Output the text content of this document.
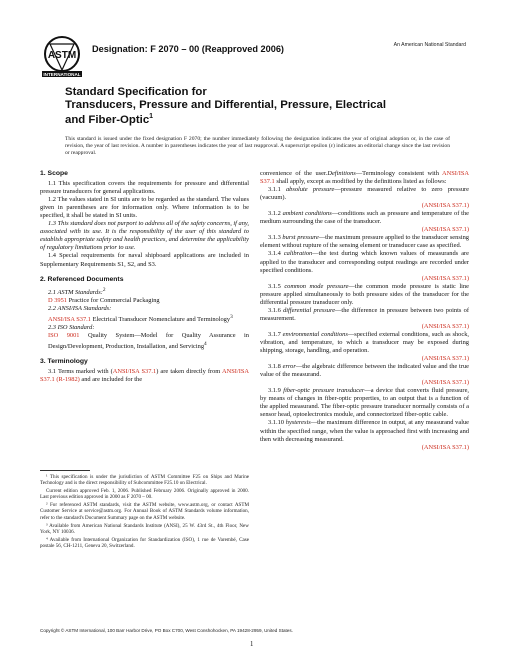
ASTM
INTERNATIONAL
Designation: F 2070 – 00 (Reapproved 2006)	An American National Standard
Standard Specification for
Transducers, Pressure and Differential, Pressure, Electrical
and Fiber-Optic$^1$
This standard is issued under the fixed designation F 2070; the number immediately following the designation indicates the year of original adoption or, in the case of revision, the year of last revision. A number in parentheses indicates the year of last reapproval. A superscript epsilon (ε) indicates an editorial change since the last revision or reapproval.
1. Scope

1.1 This specification covers the requirements for pressure and differential pressure transducers for general applications.

1.2 The values stated in SI units are to be regarded as the standard. The values given in parentheses are for information only. Where information is to be specified, it shall be stated in SI units.

1.3 This standard does not purport to address all of the safety concerns, if any, associated with its use. It is the responsibility of the user of this standard to establish appropriate safety and health practices, and determine the applicability of regulatory limitations prior to use.

1.4 Special requirements for naval shipboard applications are included in Supplementary Requirements S1, S2, and S3.

2. Referenced Documents

2.1 ASTM Standards:$^2$

D 3951 Practice for Commercial Packaging

2.2 ANSI/ISA Standards:

ANSI/ISA S37.1 Electrical Transducer Nomenclature and Terminology$^3$

2.3 ISO Standard:

ISO 9001 Quality System—Model for Quality Assurance in Design/Development, Production, Installation, and Servicing$^4$

3. Terminology

3.1 Terms marked with (ANSI/ISA S37.1) are taken directly from ANSI/ISA S37.1 (R-1982) and are included for the

convenience of the user.Definitions—Terminology consistent with ANSI/ISA S37.1 shall apply, except as modified by the definitions listed as follows:

3.1.1 absolute pressure—pressure measured relative to zero pressure (vacuum).
(ANSI/ISA S37.1)

3.1.2 ambient conditions—conditions such as pressure and temperature of the medium surrounding the case of the transducer.
(ANSI/ISA S37.1)

3.1.3 burst pressure—the maximum pressure applied to the transducer sensing element without rupture of the sensing element or transducer case as specified.

3.1.4 calibration—the test during which known values of measurands are applied to the transducer and corresponding output readings are recorded under specified conditions.
(ANSI/ISA S37.1)

3.1.5 common mode pressure—the common mode pressure is static line pressure applied simultaneously to both pressure sides of the transducer for the differential pressure transducer only.

3.1.6 differential pressure—the difference in pressure between two points of measurement.
(ANSI/ISA S37.1)

3.1.7 environmental conditions—specified external conditions, such as shock, vibration, and temperature, to which a transducer may be exposed during shipping, storage, handling, and operation.
(ANSI/ISA S37.1)

3.1.8 error—the algebraic difference between the indicated value and the true value of the measurand.
(ANSI/ISA S37.1)

3.1.9 fiber-optic pressure transducer—a device that converts fluid pressure, by means of changes in fiber-optic properties, to an output that is a function of the applied measurand. The fiber-optic pressure transducer normally consists of a sensor head, optoelectronics module, and connectorized fiber-optic cable.

3.1.10 hysteresis—the maximum difference in output, at any measurand value within the specified range, when the value is approached first with increasing and then with decreasing measurand.
(ANSI/ISA S37.1)

¹ This specification is under the jurisdiction of ASTM Committee F25 on Ships and Marine Technology and is the direct responsibility of Subcommittee F25.10 on Electrical.

Current edition approved Feb. 1, 2006. Published February 2006. Originally approved in 2000. Last previous edition approved in 2000 as F 2070 – 00.

² For referenced ASTM standards, visit the ASTM website, www.astm.org, or contact ASTM Customer Service at service@astm.org. For Annual Book of ASTM Standards volume information, refer to the standard's Document Summary page on the ASTM website.

³ Available from American National Standards Institute (ANSI), 25 W. 43rd St., 4th Floor, New York, NY 10036.

⁴ Available from International Organization for Standardization (ISO), 1 rue de Varembé, Case postale 56, CH-1211, Geneva 20, Switzerland.

Copyright © ASTM International, 100 Barr Harbor Drive, PO Box C700, West Conshohocken, PA 19428-2959, United States.
1
